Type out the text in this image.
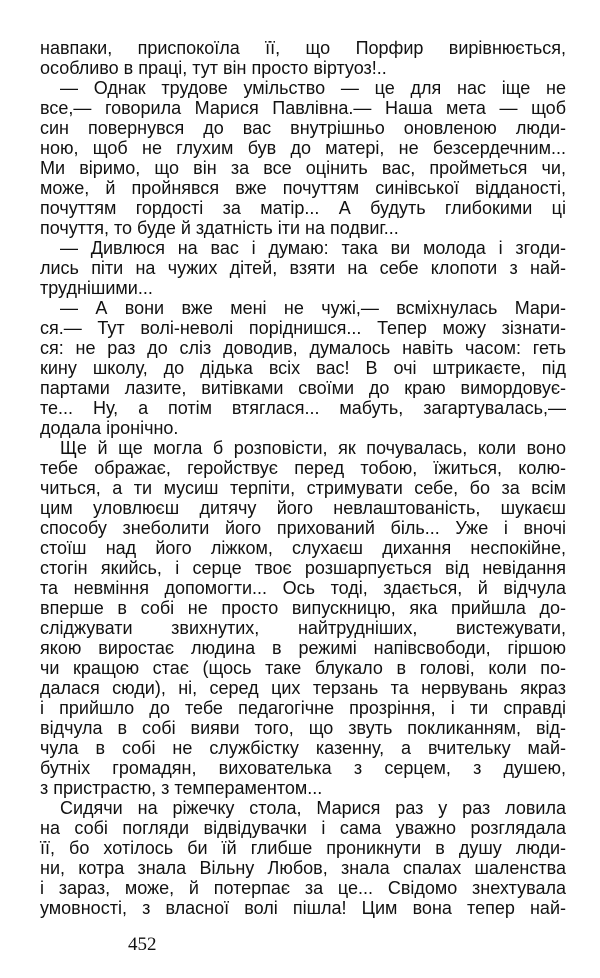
навпаки, приспокоїла її, що Порфир вирівнюється,
особливо в праці, тут він просто віртуоз!..
— Однак трудове умільство — це для нас іще не
все,— говорила Марися Павлівна.— Наша мета — щоб
син повернувся до вас внутрішньо оновленою люди-
ною, щоб не глухим був до матері, не безсердечним...
Ми віримо, що він за все оцінить вас, пройметься чи,
може, й пройнявся вже почуттям синівської відданості,
почуттям гордості за матір... А будуть глибокими ці
почуття, то буде й здатність іти на подвиг...
— Дивлюся на вас і думаю: така ви молода і згоди-
лись піти на чужих дітей, взяти на себе клопоти з най-
труднішими...
— А вони вже мені не чужі,— всміхнулась Мари-
ся.— Тут волі-неволі поріднишся... Тепер можу зізнати-
ся: не раз до сліз доводив, думалось навіть часом: геть
кину школу, до дідька всіх вас! В очі штрикаєте, під
партами лазите, витівками своїми до краю вимордовує-
те... Ну, а потім втяглася... мабуть, загартувалась,—
додала іронічно.
Ще й ще могла б розповісти, як почувалась, коли воно
тебе ображає, геройствує перед тобою, їжиться, колю-
читься, а ти мусиш терпіти, стримувати себе, бо за всім
цим уловлюєш дитячу його невлаштованість, шукаєш
способу знеболити його прихований біль... Уже і вночі
стоїш над його ліжком, слухаєш дихання неспокійне,
стогін якийсь, і серце твоє розшарпується від невідання
та невміння допомогти... Ось тоді, здається, й відчула
вперше в собі не просто випускницю, яка прийшла до-
сліджувати звихнутих, найтрудніших, вистежувати,
якою виростає людина в режимі напівсвободи, гіршою
чи кращою стає (щось таке блукало в голові, коли по-
далася сюди), ні, серед цих терзань та нервувань якраз
і прийшло до тебе педагогічне прозріння, і ти справді
відчула в собі вияви того, що звуть покликанням, від-
чула в собі не службістку казенну, а вчительку май-
бутніх громадян, вихователька з серцем, з душею,
з пристрастю, з темпераментом...
Сидячи на ріжечку стола, Марися раз у раз ловила
на собі погляди відвідувачки і сама уважно розглядала
її, бо хотілось би їй глибше проникнути в душу люди-
ни, котра знала Вільну Любов, знала спалах шаленства
і зараз, може, й потерпає за це... Свідомо знехтувала
умовності, з власної волі пішла! Цим вона тепер най-
452
